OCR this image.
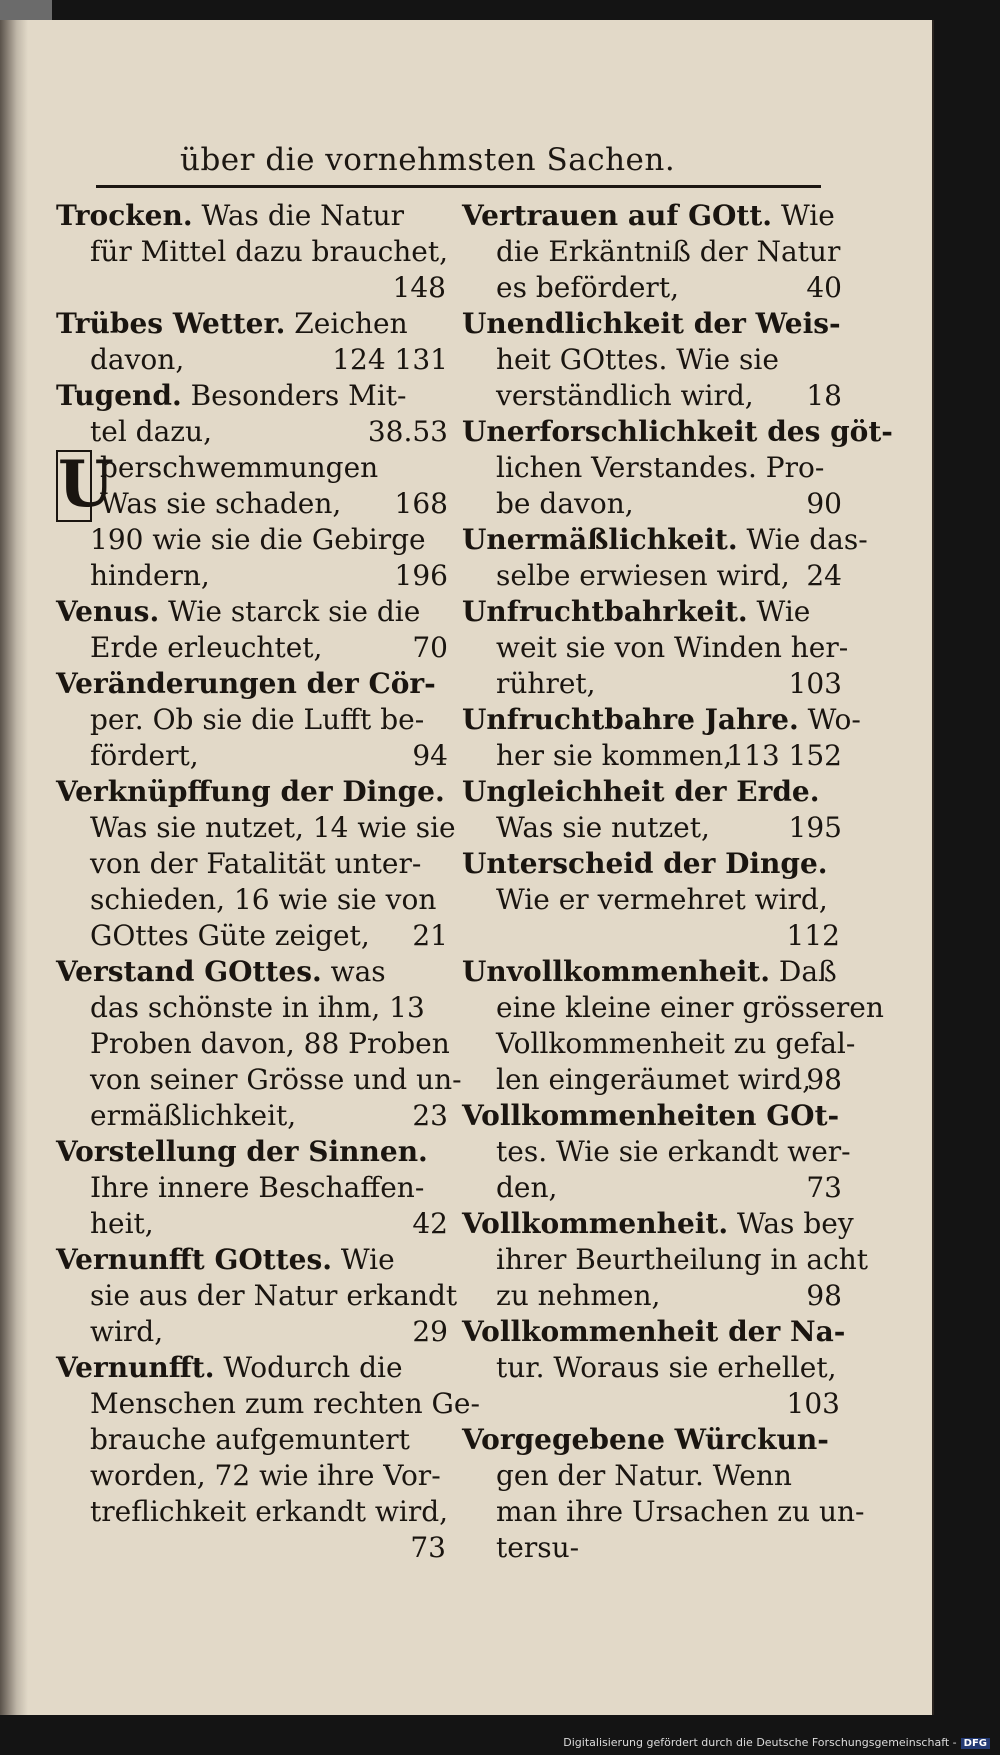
über die vornehmsten Sachen.
Trocken. Was die Natur
für Mittel dazu brauchet,
148
Trübes Wetter. Zeichen
124 131
davon,
Tugend. Besonders Mit-
38.53
tel dazu,
U
berschwemmungen
168
Was sie schaden,
190 wie sie die Gebirge
196
hindern,
Venus. Wie starck sie die
70
Erde erleuchtet,
Veränderungen der Cör-
per. Ob sie die Lufft be-
94
fördert,
Verknüpffung der Dinge.
Was sie nutzet, 14 wie sie
von der Fatalität unter-
schieden, 16 wie sie von
21
GOttes Güte zeiget,
Verstand GOttes. was
das schönste in ihm, 13
Proben davon, 88 Proben
von seiner Grösse und un-
23
ermäßlichkeit,
Vorstellung der Sinnen.
Ihre innere Beschaffen-
42
heit,
Vernunfft GOttes. Wie
sie aus der Natur erkandt
29
wird,
Vernunfft. Wodurch die
Menschen zum rechten Ge-
brauche aufgemuntert
worden, 72 wie ihre Vor-
treflichkeit erkandt wird,
73
Vertrauen auf GOtt. Wie
die Erkäntniß der Natur
40
es befördert,
Unendlichkeit der Weis-
heit GOttes. Wie sie
18
verständlich wird,
Unerforschlichkeit des göt-
lichen Verstandes. Pro-
90
be davon,
Unermäßlichkeit. Wie das-
24
selbe erwiesen wird,
Unfruchtbahrkeit. Wie
weit sie von Winden her-
103
rühret,
Unfruchtbahre Jahre. Wo-
113 152
her sie kommen,
Ungleichheit der Erde.
195
Was sie nutzet,
Unterscheid der Dinge.
Wie er vermehret wird,
112
Unvollkommenheit. Daß
eine kleine einer grösseren
Vollkommenheit zu gefal-
98
len eingeräumet wird,
Vollkommenheiten GOt-
tes. Wie sie erkandt wer-
73
den,
Vollkommenheit. Was bey
ihrer Beurtheilung in acht
98
zu nehmen,
Vollkommenheit der Na-
tur. Woraus sie erhellet,
103
Vorgegebene Würckun-
gen der Natur. Wenn
man ihre Ursachen zu un-
tersu-
Digitalisierung gefördert durch die Deutsche Forschungsgemeinschaft - DFG
